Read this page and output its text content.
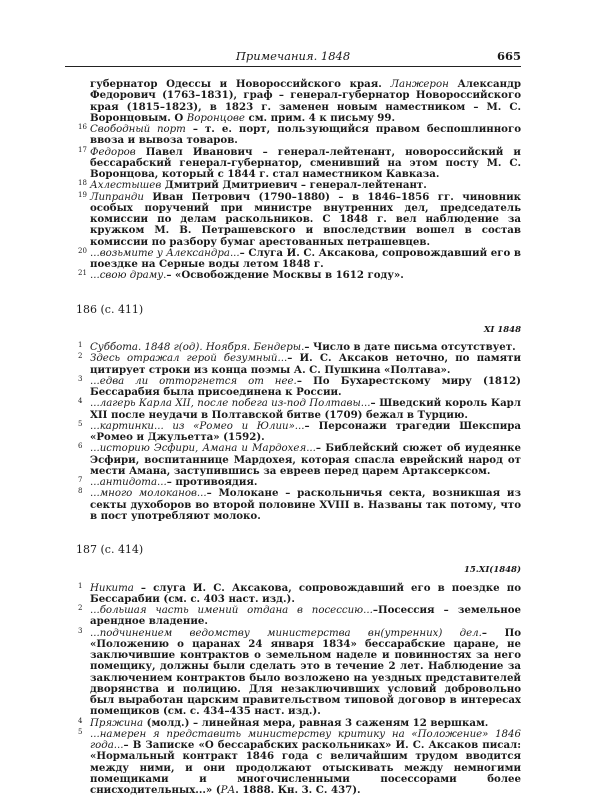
Примечания. 1848	665

губернатор Одессы и Новороссийского края. Ланжерон Александр Федорович (1763–1831), граф – генерал-губернатор Новороссийского края (1815–1823), в 1823 г. заменен новым наместником – М. С. Воронцовым. О Воронцове см. прим. 4 к письму 99.

16 Свободный порт – т. е. порт, пользующийся правом беспошлинного ввоза и вывоза товаров.

17 Федоров Павел Иванович – генерал-лейтенант, новороссийский и бессарабский генерал-губернатор, сменивший на этом посту М. С. Воронцова, который с 1844 г. стал наместником Кавказа.

18 Ахлестышев Дмитрий Дмитриевич – генерал-лейтенант.

19 Липранди Иван Петрович (1790–1880) – в 1846–1856 гг. чиновник особых поручений при министре внутренних дел, председатель комиссии по делам раскольников. С 1848 г. вел наблюдение за кружком М. В. Петрашевского и впоследствии вошел в состав комиссии по разбору бумаг арестованных петрашевцев.

20 ...возьмите у Александра...– Слуга И. С. Аксакова, сопровождавший его в поездке на Серные воды летом 1848 г.

21 ...свою драму.– «Освобождение Москвы в 1612 году».

186 (с. 411)
XI 1848

1 Суббота. 1848 г(од). Ноября. Бендеры.– Число в дате письма отсутствует.

2 Здесь отражал герой безумный...– И. С. Аксаков неточно, по памяти цитирует строки из конца поэмы А. С. Пушкина «Полтава».

3 ...едва ли отторгнется от нее.– По Бухарестскому миру (1812) Бессарабия была присоединена к России.

4 ...лагерь Карла XII, после побега из-под Полтавы...– Шведский король Карл XII после неудачи в Полтавской битве (1709) бежал в Турцию.

5 ...картинки... из «Ромео и Юлии»...– Персонажи трагедии Шекспира «Ромео и Джульетта» (1592).

6 ...историю Эсфири, Амана и Мардохея...– Библейский сюжет об иудеянке Эсфири, воспитаннице Мардохея, которая спасла еврейский народ от мести Амана, заступившись за евреев перед царем Артаксерксом.

7 ...антидота...– противоядия.

8 ...много молоканов...– Молокане – раскольничья секта, возникшая из секты духоборов во второй половине XVIII в. Названы так потому, что в пост употребляют молоко.

187 (с. 414)
15.XI(1848)

1 Никита – слуга И. С. Аксакова, сопровождавший его в поездке по Бессарабии (см. с. 403 наст. изд.).

2 ...большая часть имений отдана в посессию...–Посессия – земельное арендное владение.

3 ...подчинением ведомству министерства вн(утренних) дел.– По «Положению о царанах 24 января 1834» бессарабские царане, не заключившие контрактов о земельном наделе и повинностях за него помещику, должны были сделать это в течение 2 лет. Наблюдение за заключением контрактов было возложено на уездных представителей дворянства и полицию. Для незаключивших условий добровольно был выработан царским правительством типовой договор в интересах помещиков (см. с. 434–435 наст. изд.).

4 Пряжина (молд.) – линейная мера, равная 3 саженям 12 вершкам.

5 ...намерен я представить министерству критику на «Положение» 1846 года...– В Записке «О бессарабских раскольниках» И. С. Аксаков писал: «Нормальный контракт 1846 года с величайшим трудом вводится между ними, и они продолжают отыскивать между немногими помещиками и многочисленными посессорами более снисходительных...» (РА. 1888. Кн. 3. С. 437).
